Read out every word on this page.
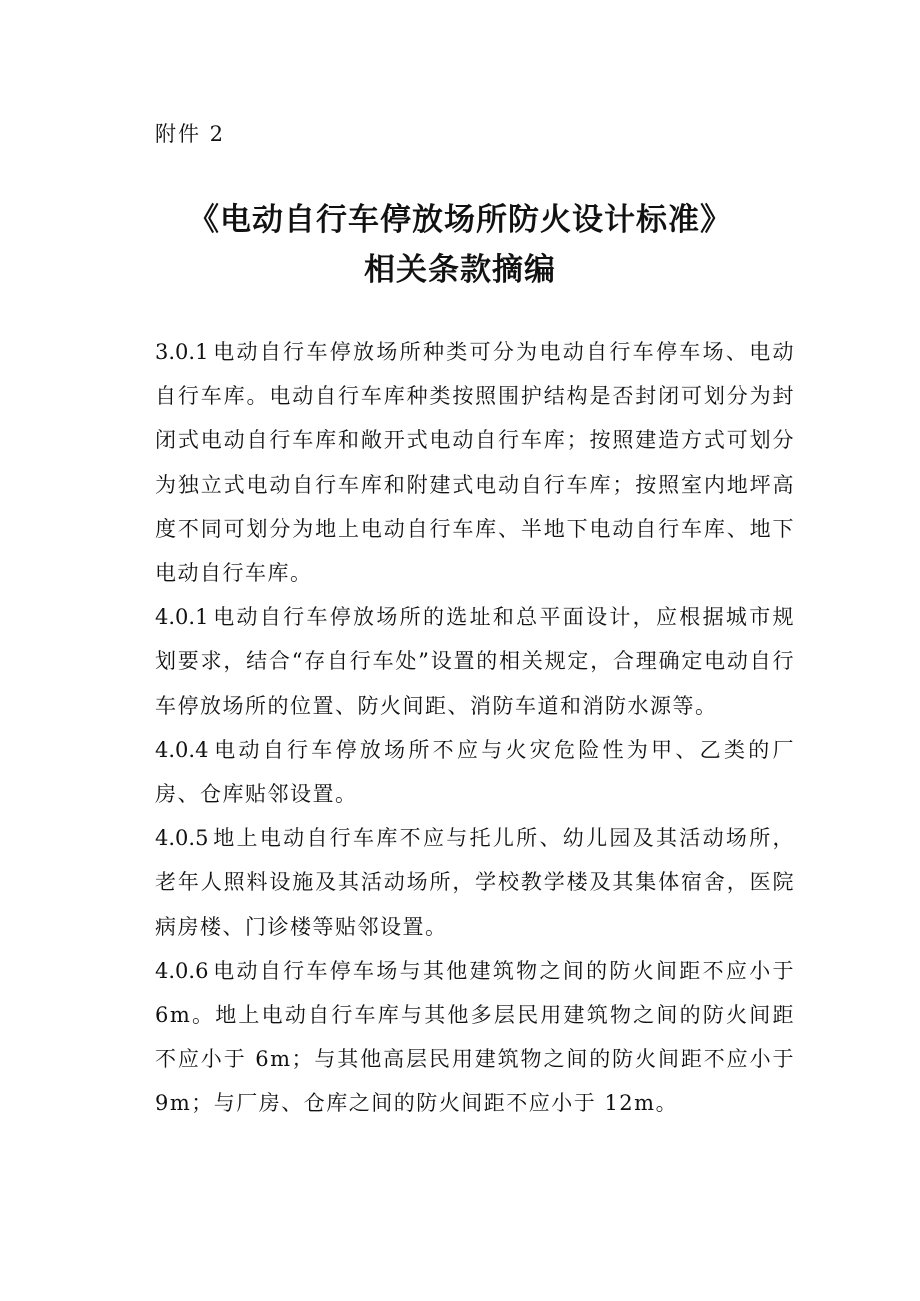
附件 2

《电动自行车停放场所防火设计标准》
相关条款摘编

3.0.1 电动自行车停放场所种类可分为电动自行车停车场、电动自行车库。电动自行车库种类按照围护结构是否封闭可划分为封闭式电动自行车库和敞开式电动自行车库；按照建造方式可划分为独立式电动自行车库和附建式电动自行车库；按照室内地坪高度不同可划分为地上电动自行车库、半地下电动自行车库、地下电动自行车库。

4.0.1 电动自行车停放场所的选址和总平面设计，应根据城市规划要求，结合“存自行车处”设置的相关规定，合理确定电动自行车停放场所的位置、防火间距、消防车道和消防水源等。

4.0.4 电动自行车停放场所不应与火灾危险性为甲、乙类的厂房、仓库贴邻设置。

4.0.5 地上电动自行车库不应与托儿所、幼儿园及其活动场所，老年人照料设施及其活动场所，学校教学楼及其集体宿舍，医院病房楼、门诊楼等贴邻设置。

4.0.6 电动自行车停车场与其他建筑物之间的防火间距不应小于 6m。地上电动自行车库与其他多层民用建筑物之间的防火间距不应小于 6m；与其他高层民用建筑物之间的防火间距不应小于 9m；与厂房、仓库之间的防火间距不应小于 12m。
